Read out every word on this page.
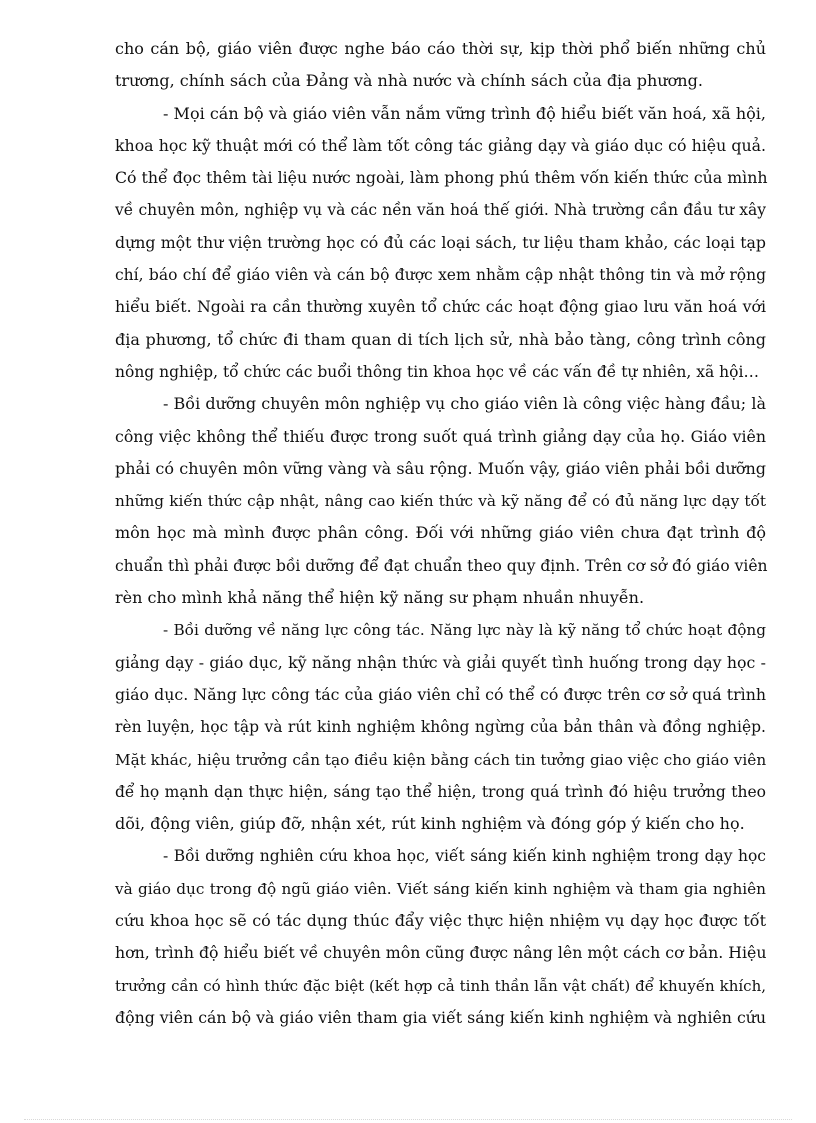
cho cán bộ, giáo viên được nghe báo cáo thời sự, kịp thời phổ biến những chủ
trương, chính sách của Đảng và nhà nước và chính sách của địa phương.
- Mọi cán bộ và giáo viên vẫn nắm vững trình độ hiểu biết văn hoá, xã hội,
khoa học kỹ thuật mới có thể làm tốt công tác giảng dạy và giáo dục có hiệu quả.
Có thể đọc thêm tài liệu nước ngoài, làm phong phú thêm vốn kiến thức của mình
về chuyên môn, nghiệp vụ và các nền văn hoá thế giới. Nhà trường cần đầu tư xây
dựng một thư viện trường học có đủ các loại sách, tư liệu tham khảo, các loại tạp
chí, báo chí để giáo viên và cán bộ được xem nhằm cập nhật thông tin và mở rộng
hiểu biết. Ngoài ra cần thường xuyên tổ chức các hoạt động giao lưu văn hoá với
địa phương, tổ chức đi tham quan di tích lịch sử, nhà bảo tàng, công trình công
nông nghiệp, tổ chức các buổi thông tin khoa học về các vấn đề tự nhiên, xã hội…
- Bồi dưỡng chuyên môn nghiệp vụ cho giáo viên là công việc hàng đầu; là
công việc không thể thiếu được trong suốt quá trình giảng dạy của họ. Giáo viên
phải có chuyên môn vững vàng và sâu rộng. Muốn vậy, giáo viên phải bồi dưỡng
những kiến thức cập nhật, nâng cao kiến thức và kỹ năng để có đủ năng lực dạy tốt
môn học mà mình được phân công. Đối với những giáo viên chưa đạt trình độ
chuẩn thì phải được bồi dưỡng để đạt chuẩn theo quy định. Trên cơ sở đó giáo viên
rèn cho mình khả năng thể hiện kỹ năng sư phạm nhuần nhuyễn.
- Bồi dưỡng về năng lực công tác. Năng lực này là kỹ năng tổ chức hoạt động
giảng dạy - giáo dục, kỹ năng nhận thức và giải quyết tình huống trong dạy học -
giáo dục. Năng lực công tác của giáo viên chỉ có thể có được trên cơ sở quá trình
rèn luyện, học tập và rút kinh nghiệm không ngừng của bản thân và đồng nghiệp.
Mặt khác, hiệu trưởng cần tạo điều kiện bằng cách tin tưởng giao việc cho giáo viên
để họ mạnh dạn thực hiện, sáng tạo thể hiện, trong quá trình đó hiệu trưởng theo
dõi, động viên, giúp đỡ, nhận xét, rút kinh nghiệm và đóng góp ý kiến cho họ.
- Bồi dưỡng nghiên cứu khoa học, viết sáng kiến kinh nghiệm trong dạy học
và giáo dục trong độ ngũ giáo viên. Viết sáng kiến kinh nghiệm và tham gia nghiên
cứu khoa học sẽ có tác dụng thúc đẩy việc thực hiện nhiệm vụ dạy học được tốt
hơn, trình độ hiểu biết về chuyên môn cũng được nâng lên một cách cơ bản. Hiệu
trưởng cần có hình thức đặc biệt (kết hợp cả tinh thần lẫn vật chất) để khuyến khích,
động viên cán bộ và giáo viên tham gia viết sáng kiến kinh nghiệm và nghiên cứu
